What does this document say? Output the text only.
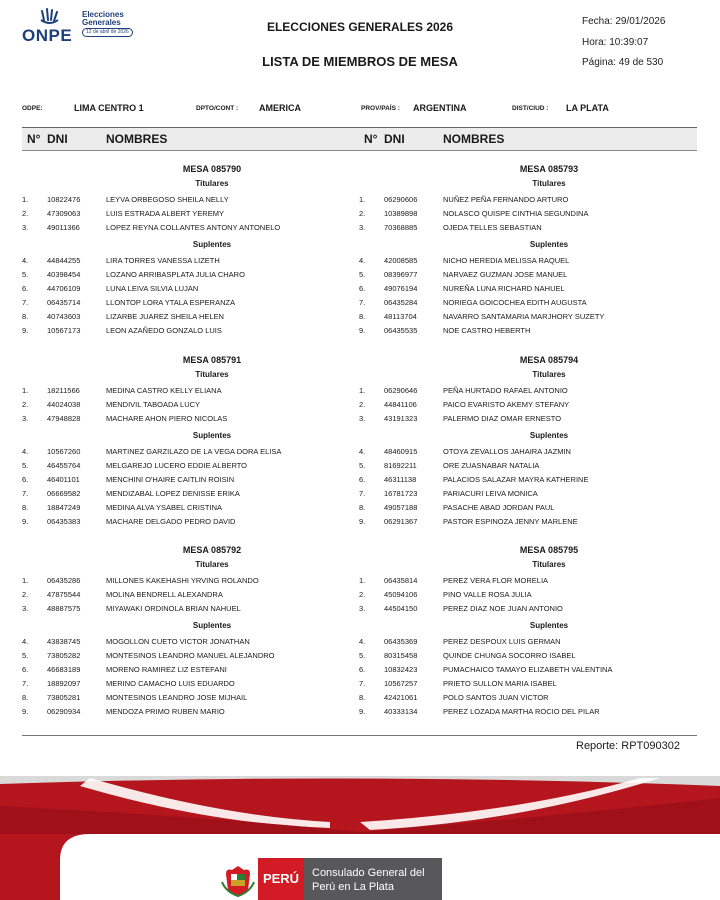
ONPE
Elecciones
Generales
12 de abril de 2026	ELECCIONES GENERALES 2026
LISTA DE MIEMBROS DE MESA
Fecha: 29/01/2026
Hora: 10:39:07
Página: 49 de 530
ODPE:	LIMA CENTRO 1	DPTO/CONT : AMERICA	PROV/PAÍS : ARGENTINA	DIST/CIUD : LA PLATA
N° DNI	NOMBRES	N° DNI	NOMBRES
MESA 085790
Titulares
1. 10822476	LEYVA ORBEGOSO SHEILA NELLY
2. 47309063	LUIS ESTRADA ALBERT YEREMY
3. 49011366	LOPEZ REYNA COLLANTES ANTONY ANTONELO
Suplentes
4. 44844255	LIRA TORRES VANESSA LIZETH
5. 40398454	LOZANO ARRIBASPLATA JULIA CHARO
6. 44706109	LUNA LEIVA SILVIA LUJAN
7. 06435714	LLONTOP LORA YTALA ESPERANZA
8. 40743603	LIZARBE JUAREZ SHEILA HELEN
9. 10567173	LEON AZAÑEDO GONZALO LUIS
MESA 085793
Titulares
1. 06290606	NUÑEZ PEÑA FERNANDO ARTURO
2. 10389898	NOLASCO QUISPE CINTHIA SEGUNDINA
3. 70368885	OJEDA TELLES SEBASTIAN
Suplentes
4. 42008585	NICHO HEREDIA MELISSA RAQUEL
5. 08396977	NARVAEZ GUZMAN JOSE MANUEL
6. 49076194	NUREÑA LUNA RICHARD NAHUEL
7. 06435284	NORIEGA GOICOCHEA EDITH AUGUSTA
8. 48113704	NAVARRO SANTAMARIA MARJHORY SUZETY
9. 06435535	NOE CASTRO HEBERTH
MESA 085791
Titulares
1. 18211566	MEDINA CASTRO KELLY ELIANA
2. 44024038	MENDIVIL TABOADA LUCY
3. 47948828	MACHARE AHON PIERO NICOLAS
Suplentes
4. 10567260	MARTINEZ GARZILAZO DE LA VEGA DORA ELISA
5. 46455764	MELGAREJO LUCERO EDDIE ALBERTO
6. 46401101	MENCHINI O'HAIRE CAITLIN ROISIN
7. 06669582	MENDIZABAL LOPEZ DENISSE ERIKA
8. 18847249	MEDINA ALVA YSABEL CRISTINA
9. 06435383	MACHARE DELGADO PEDRO DAVID
MESA 085794
Titulares
1. 06290646	PEÑA HURTADO RAFAEL ANTONIO
2. 44841106	PAICO EVARISTO AKEMY STEFANY
3. 43191323	PALERMO DIAZ OMAR ERNESTO
Suplentes
4. 48460915	OTOYA ZEVALLOS JAHAIRA JAZMIN
5. 81692211	ORE ZUASNABAR NATALIA
6. 46311138	PALACIOS SALAZAR MAYRA KATHERINE
7. 16781723	PARIACURI LEIVA MONICA
8. 49057188	PASACHE ABAD JORDAN PAUL
9. 06291367	PASTOR ESPINOZA JENNY MARLENE
MESA 085792
Titulares
1. 06435286	MILLONES KAKEHASHI YRVING ROLANDO
2. 47875544	MOLINA BENDRELL ALEXANDRA
3. 48887575	MIYAWAKI ORDINOLA BRIAN NAHUEL
Suplentes
4. 43838745	MOGOLLON CUETO VICTOR JONATHAN
5. 73805282	MONTESINOS LEANDRO MANUEL ALEJANDRO
6. 46683189	MORENO RAMIREZ LIZ ESTEFANI
7. 18892097	MERINO CAMACHO LUIS EDUARDO
8. 73805281	MONTESINOS LEANDRO JOSE MIJHAIL
9. 06290934	MENDOZA PRIMO RUBEN MARIO
MESA 085795
Titulares
1. 06435814	PEREZ VERA FLOR MORELIA
2. 45094106	PINO VALLE ROSA JULIA
3. 44504150	PEREZ DIAZ NOE JUAN ANTONIO
Suplentes
4. 06435369	PEREZ DESPOUX LUIS GERMAN
5. 80315458	QUINDE CHUNGA SOCORRO ISABEL
6. 10832423	PUMACHAICO TAMAYO ELIZABETH VALENTINA
7. 10567257	PRIETO SULLON MARIA ISABEL
8. 42421061	POLO SANTOS JUAN VICTOR
9. 40333134	PEREZ LOZADA MARTHA ROCIO DEL PILAR
Reporte: RPT090302
PERÚ	Consulado General del
Perú en La Plata
